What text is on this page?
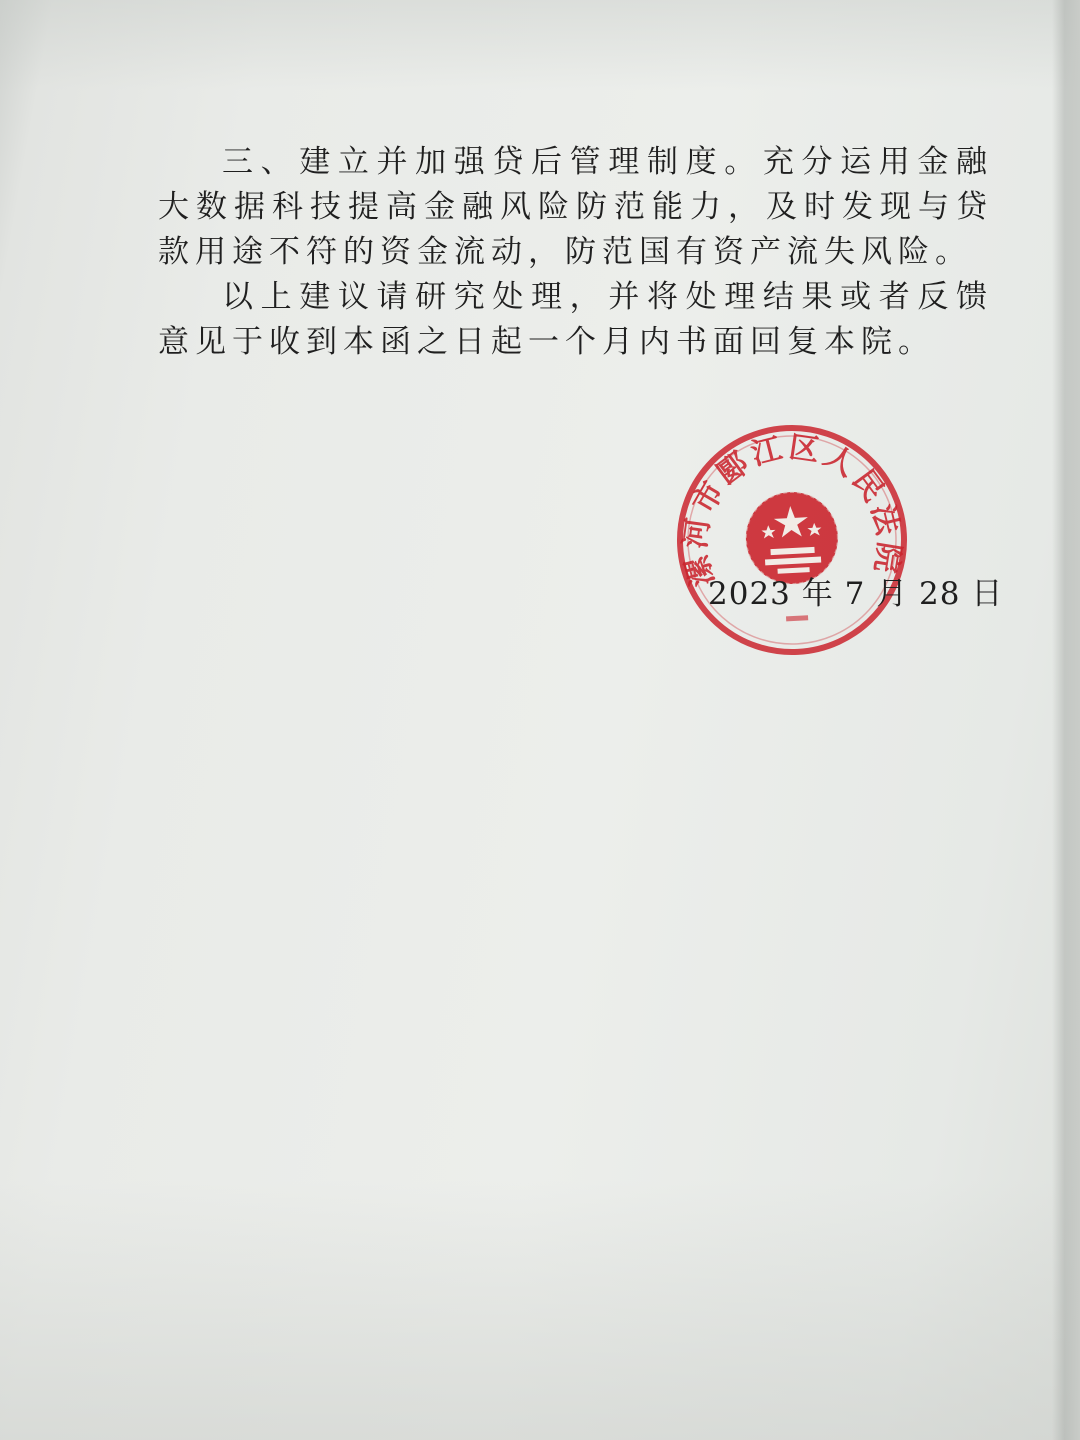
三、建立并加强贷后管理制度。充分运用金融大数据科技提高金融风险防范能力，及时发现与贷款用途不符的资金流动，防范国有资产流失风险。

以上建议请研究处理，并将处理结果或者反馈意见于收到本函之日起一个月内书面回复本院。

漯河市郾江区人民法院
2023 年 7 月 28 日
